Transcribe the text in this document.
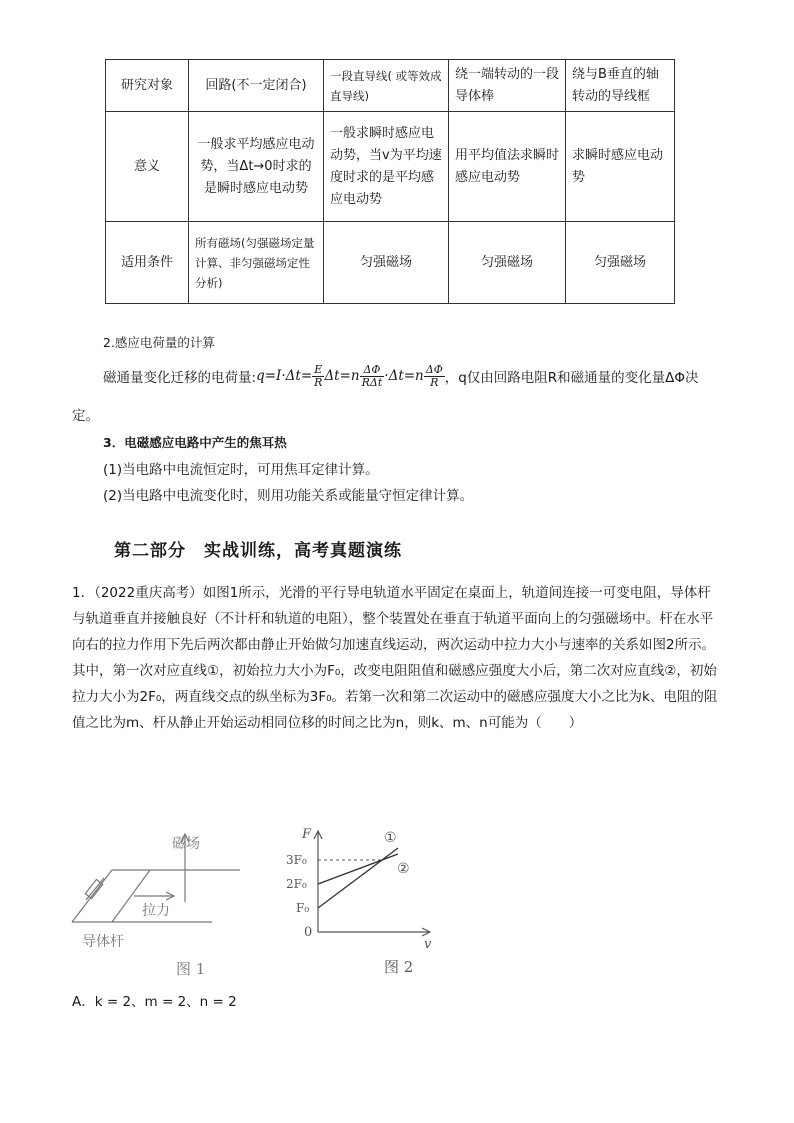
研究对象	回路(不一定闭合)	一段直导线( 或等效成直导线)	绕一端转动的一段导体棒	绕与B垂直的轴转动的导线框
意义	一般求平均感应电动势，当Δt→0时求的是瞬时感应电动势	一般求瞬时感应电动势，当v为平均速度时求的是平均感应电动势	用平均值法求瞬时感应电动势	求瞬时感应电动势
适用条件	所有磁场(匀强磁场定量计算、非匀强磁场定性分析)	匀强磁场	匀强磁场	匀强磁场
2.感应电荷量的计算
磁通量变化迁移的电荷量: $q=I\cdot\Delta t= \frac{E}{R} \Delta t=n \frac{\Delta\Phi}{\text{RΔt}} \cdot\Delta t=n \frac{\Delta\Phi}{R}$ ，q仅由回路电阻R和磁通量的变化量ΔΦ决
定。
3．电磁感应电路中产生的焦耳热
(1)当电路中电流恒定时，可用焦耳定律计算。
(2)当电路中电流变化时，则用功能关系或能量守恒定律计算。
第二部分　实战训练，高考真题演练
1．（2022重庆高考）如图1所示，光滑的平行导电轨道水平固定在桌面上，轨道间连接一可变电阻，导体杆与轨道垂直并接触良好（不计杆和轨道的电阻），整个装置处在垂直于轨道平面向上的匀强磁场中。杆在水平向右的拉力作用下先后两次都由静止开始做匀加速直线运动，两次运动中拉力大小与速率的关系如图2所示。其中，第一次对应直线①，初始拉力大小为F₀，改变电阻阻值和磁感应强度大小后，第二次对应直线②，初始拉力大小为2F₀，两直线交点的纵坐标为3F₀。若第一次和第二次运动中的磁感应强度大小之比为k、电阻的阻值之比为m、杆从静止开始运动相同位移的时间之比为n，则k、m、n可能为（　　）
磁场
拉力
导体杆
图 1
F
v
0
3F₀
2F₀
F₀
①
②
图 2
A．k = 2、m = 2、n = 2
